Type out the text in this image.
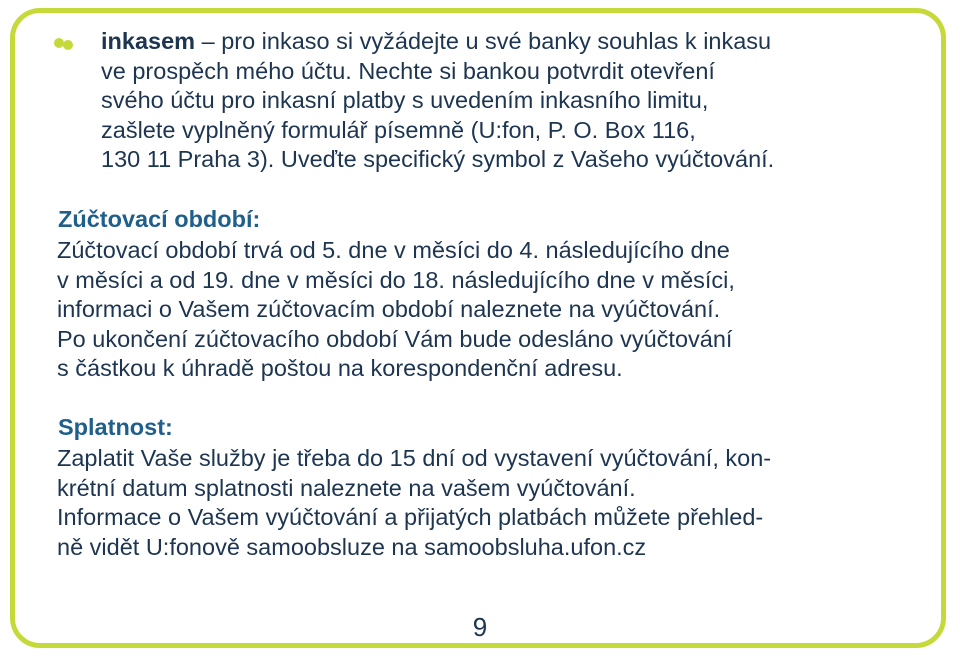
inkasem – pro inkaso si vyžádejte u své banky souhlas k inkasu

ve prospěch mého účtu. Nechte si bankou potvrdit otevření

svého účtu pro inkasní platby s uvedením inkasního limitu,

zašlete vyplněný formulář písemně (U:fon, P. O. Box 116,

130 11 Praha 3). Uveďte specifický symbol z Vašeho vyúčtování.

Zúčtovací období:

Zúčtovací období trvá od 5. dne v měsíci do 4. následujícího dne

v měsíci a od 19. dne v měsíci do 18. následujícího dne v měsíci,

informaci o Vašem zúčtovacím období naleznete na vyúčtování.

Po ukončení zúčtovacího období Vám bude odesláno vyúčtování

s částkou k úhradě poštou na korespondenční adresu.

Splatnost:

Zaplatit Vaše služby je třeba do 15 dní od vystavení vyúčtování, kon-

krétní datum splatnosti naleznete na vašem vyúčtování.

Informace o Vašem vyúčtování a přijatých platbách můžete přehled-

ně vidět U:fonově samoobsluze na samoobsluha.ufon.cz

9
